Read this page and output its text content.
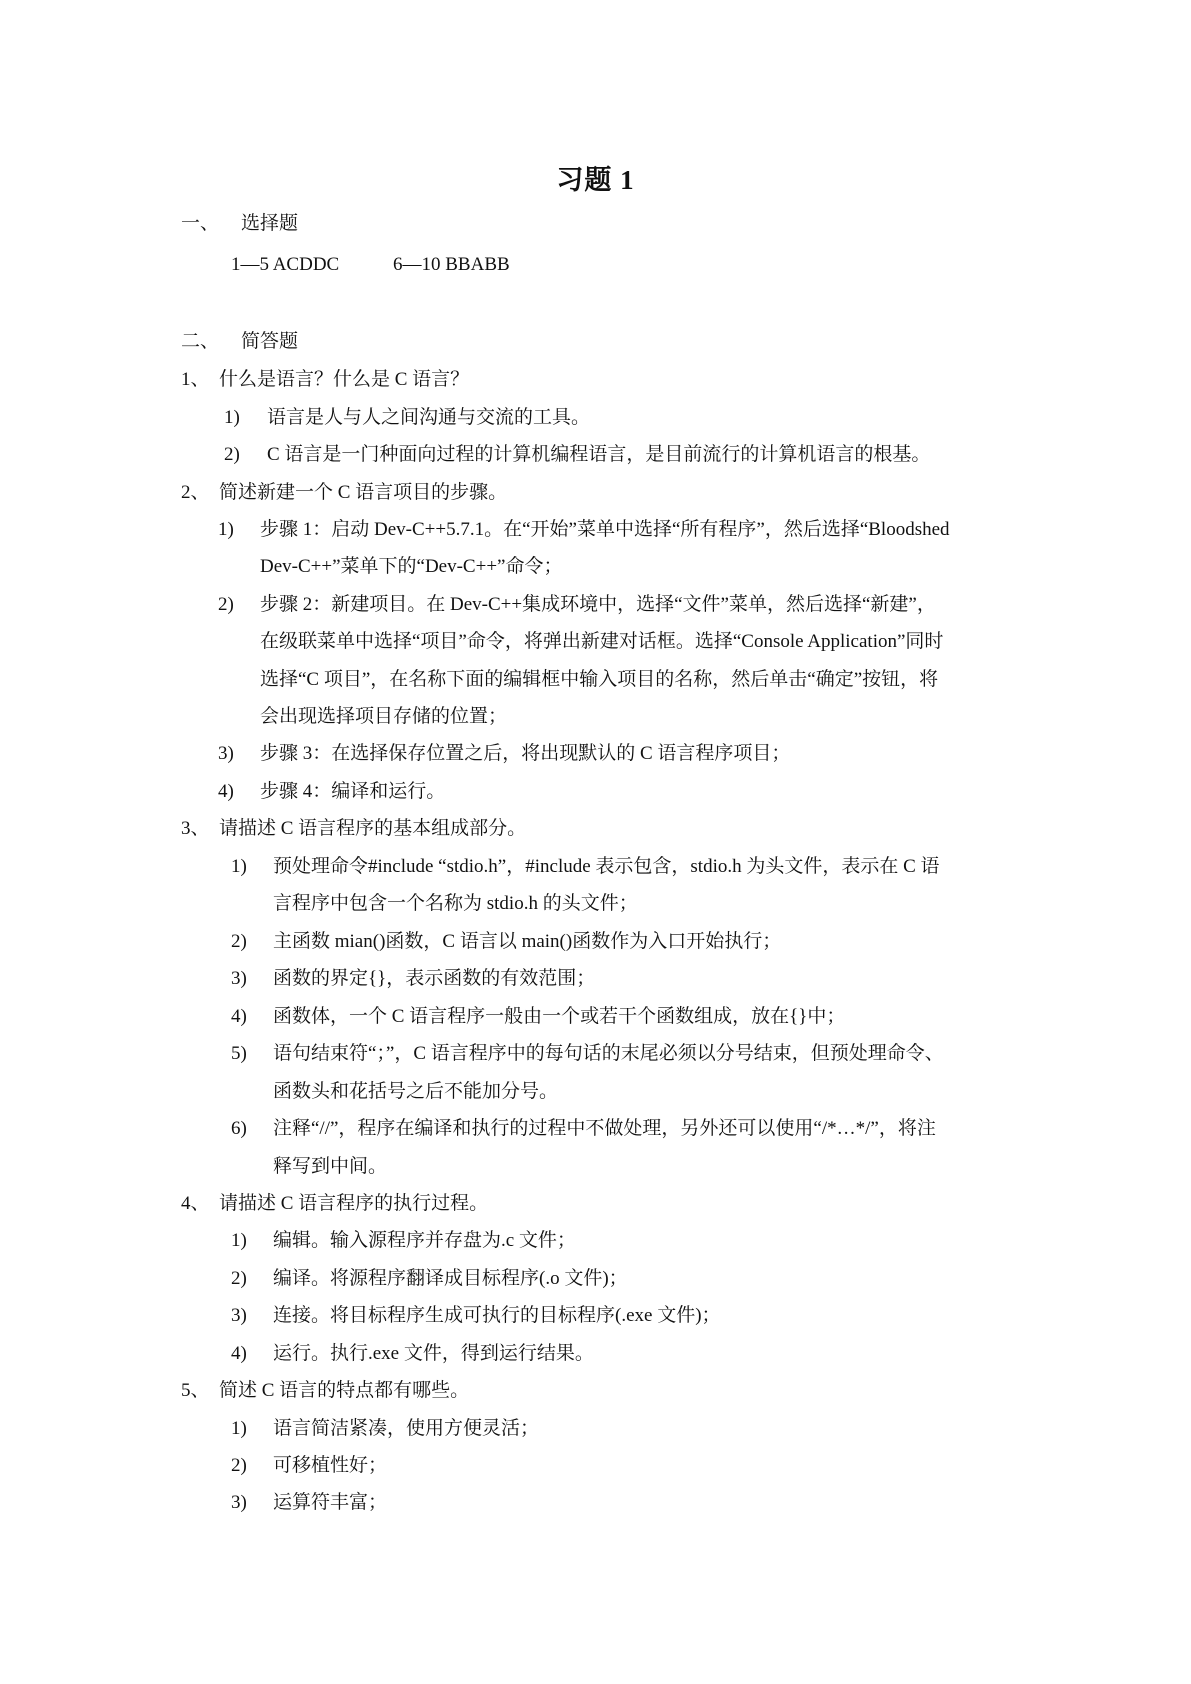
习题 1
一、 选择题
1—5 ACDDC	6—10 BBABB
二、 简答题
1、 什么是语言？什么是 C 语言？
1) 语言是人与人之间沟通与交流的工具。
2) C 语言是一门种面向过程的计算机编程语言，是目前流行的计算机语言的根基。
2、 简述新建一个 C 语言项目的步骤。
1) 步骤 1：启动 Dev-C++5.7.1。在“开始”菜单中选择“所有程序”，然后选择“Bloodshed
Dev-C++”菜单下的“Dev-C++”命令；
2) 步骤 2：新建项目。在 Dev-C++集成环境中，选择“文件”菜单，然后选择“新建”，
在级联菜单中选择“项目”命令，将弹出新建对话框。选择“Console Application”同时
选择“C 项目”，在名称下面的编辑框中输入项目的名称，然后单击“确定”按钮，将
会出现选择项目存储的位置；
3) 步骤 3：在选择保存位置之后，将出现默认的 C 语言程序项目；
4) 步骤 4：编译和运行。
3、 请描述 C 语言程序的基本组成部分。
1) 预处理命令#include “stdio.h”，#include 表示包含，stdio.h 为头文件，表示在 C 语
言程序中包含一个名称为 stdio.h 的头文件；
2) 主函数 mian()函数，C 语言以 main()函数作为入口开始执行；
3) 函数的界定{}，表示函数的有效范围；
4) 函数体，一个 C 语言程序一般由一个或若干个函数组成，放在{}中；
5) 语句结束符“；”，C 语言程序中的每句话的末尾必须以分号结束，但预处理命令、
函数头和花括号之后不能加分号。
6) 注释“//”，程序在编译和执行的过程中不做处理，另外还可以使用“/*…*/”，将注
释写到中间。
4、 请描述 C 语言程序的执行过程。
1) 编辑。输入源程序并存盘为.c 文件；
2) 编译。将源程序翻译成目标程序(.o 文件)；
3) 连接。将目标程序生成可执行的目标程序(.exe 文件)；
4) 运行。执行.exe 文件，得到运行结果。
5、 简述 C 语言的特点都有哪些。
1) 语言简洁紧凑，使用方便灵活；
2) 可移植性好；
3) 运算符丰富；
